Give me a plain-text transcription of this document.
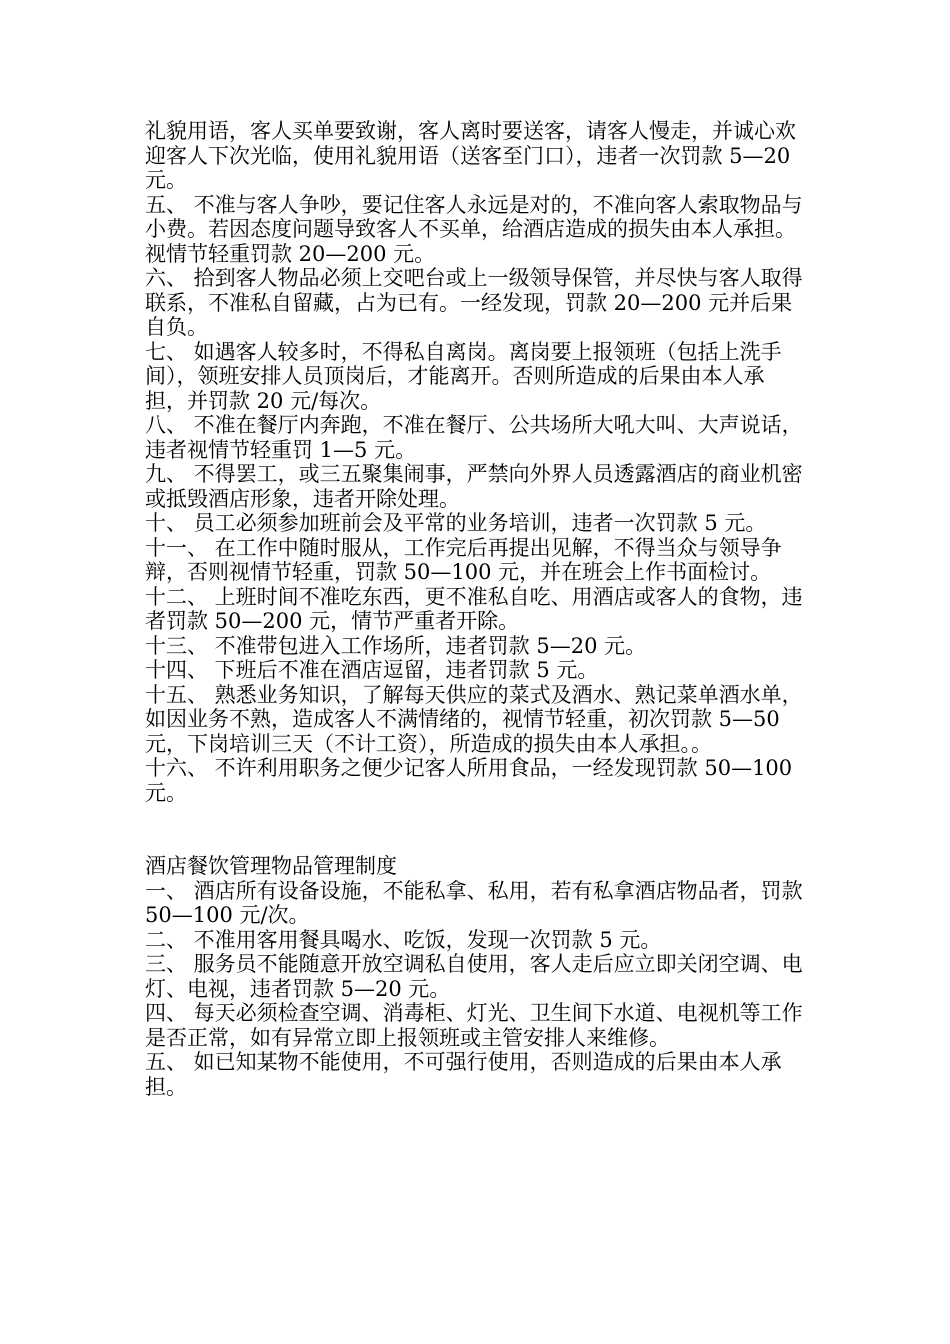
礼貌用语，客人买单要致谢，客人离时要送客，请客人慢走，并诚心欢迎客人下次光临，使用礼貌用语（送客至门口），违者一次罚款 5—20 元。

五、 不准与客人争吵，要记住客人永远是对的，不准向客人索取物品与小费。若因态度问题导致客人不买单，给酒店造成的损失由本人承担。视情节轻重罚款 20—200 元。

六、 拾到客人物品必须上交吧台或上一级领导保管，并尽快与客人取得联系，不准私自留藏，占为已有。一经发现，罚款 20—200 元并后果自负。

七、 如遇客人较多时，不得私自离岗。离岗要上报领班（包括上洗手间），领班安排人员顶岗后，才能离开。否则所造成的后果由本人承担，并罚款 20 元/每次。

八、 不准在餐厅内奔跑，不准在餐厅、公共场所大吼大叫、大声说话，违者视情节轻重罚 1—5 元。

九、 不得罢工，或三五聚集闹事，严禁向外界人员透露酒店的商业机密或抵毁酒店形象，违者开除处理。

十、 员工必须参加班前会及平常的业务培训，违者一次罚款 5 元。

十一、 在工作中随时服从，工作完后再提出见解，不得当众与领导争辩，否则视情节轻重，罚款 50—100 元，并在班会上作书面检讨。

十二、 上班时间不准吃东西，更不准私自吃、用酒店或客人的食物，违者罚款 50—200 元，情节严重者开除。

十三、 不准带包进入工作场所，违者罚款 5—20 元。

十四、 下班后不准在酒店逗留，违者罚款 5 元。

十五、 熟悉业务知识，了解每天供应的菜式及酒水、熟记菜单酒水单，如因业务不熟，造成客人不满情绪的，视情节轻重，初次罚款 5—50 元，下岗培训三天（不计工资），所造成的损失由本人承担。。

十六、 不许利用职务之便少记客人所用食品，一经发现罚款 50—100 元。

酒店餐饮管理物品管理制度

一、 酒店所有设备设施，不能私拿、私用，若有私拿酒店物品者，罚款 50—100 元/次。

二、 不准用客用餐具喝水、吃饭，发现一次罚款 5 元。

三、 服务员不能随意开放空调私自使用，客人走后应立即关闭空调、电灯、电视，违者罚款 5—20 元。

四、 每天必须检查空调、消毒柜、灯光、卫生间下水道、电视机等工作是否正常，如有异常立即上报领班或主管安排人来维修。

五、 如已知某物不能使用，不可强行使用，否则造成的后果由本人承担。
